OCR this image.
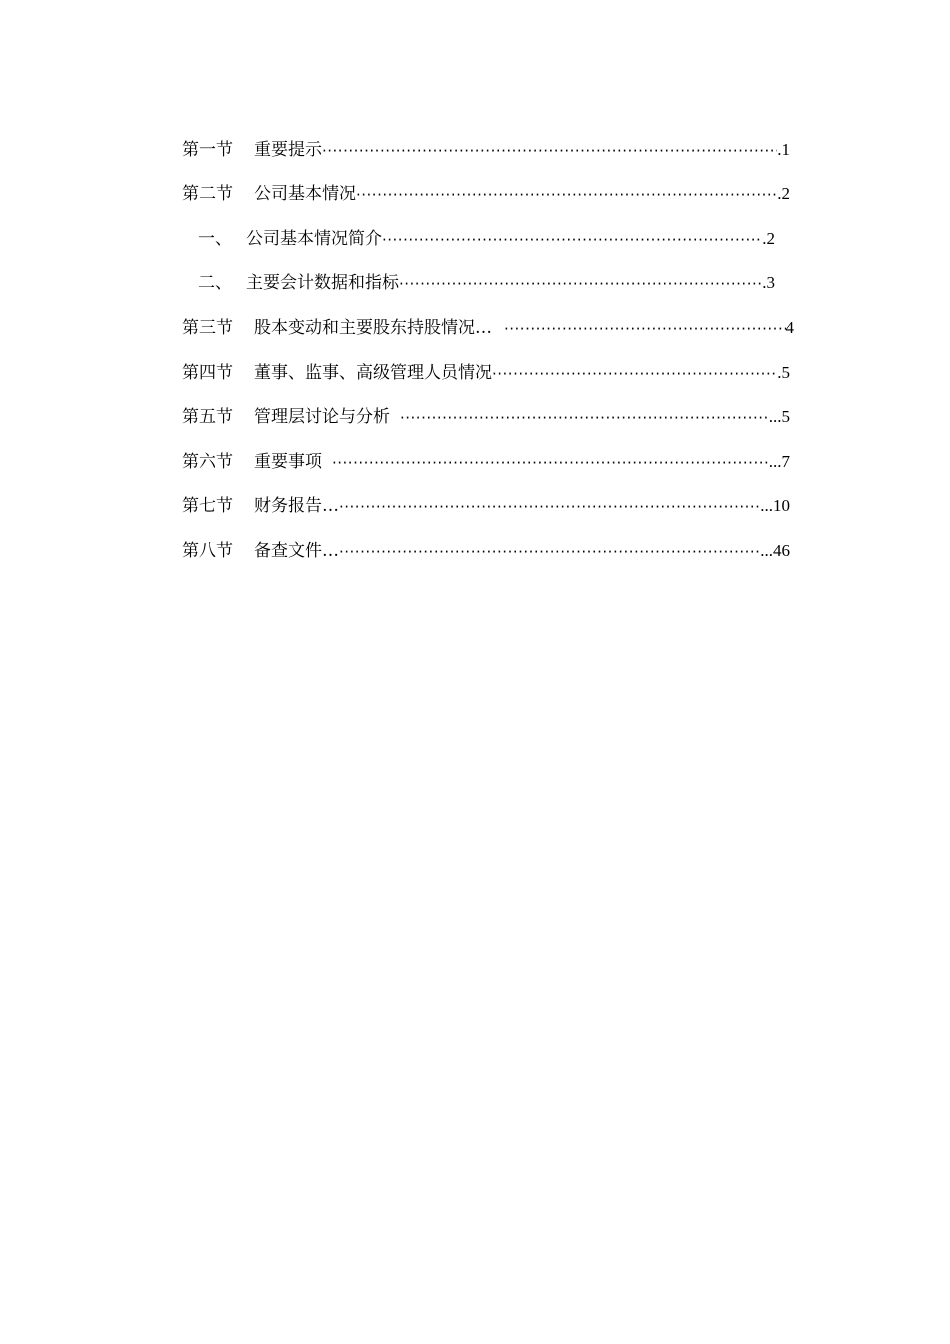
第一节 重要提示 ·····	.1
第二节 公司基本情况 ·····	.2
一、 公司基本情况简介 ·····	.2
二、 主要会计数据和指标 ·····	.3
第三节 股本变动和主要股东持股情况… ·····	4
第四节 董事、监事、高级管理人员情况 ·····	.5
第五节 管理层讨论与分析 ·····	...5
第六节 重要事项 ·····	...7
第七节 财务报告… ·····	...10
第八节 备查文件… ·····	...46
